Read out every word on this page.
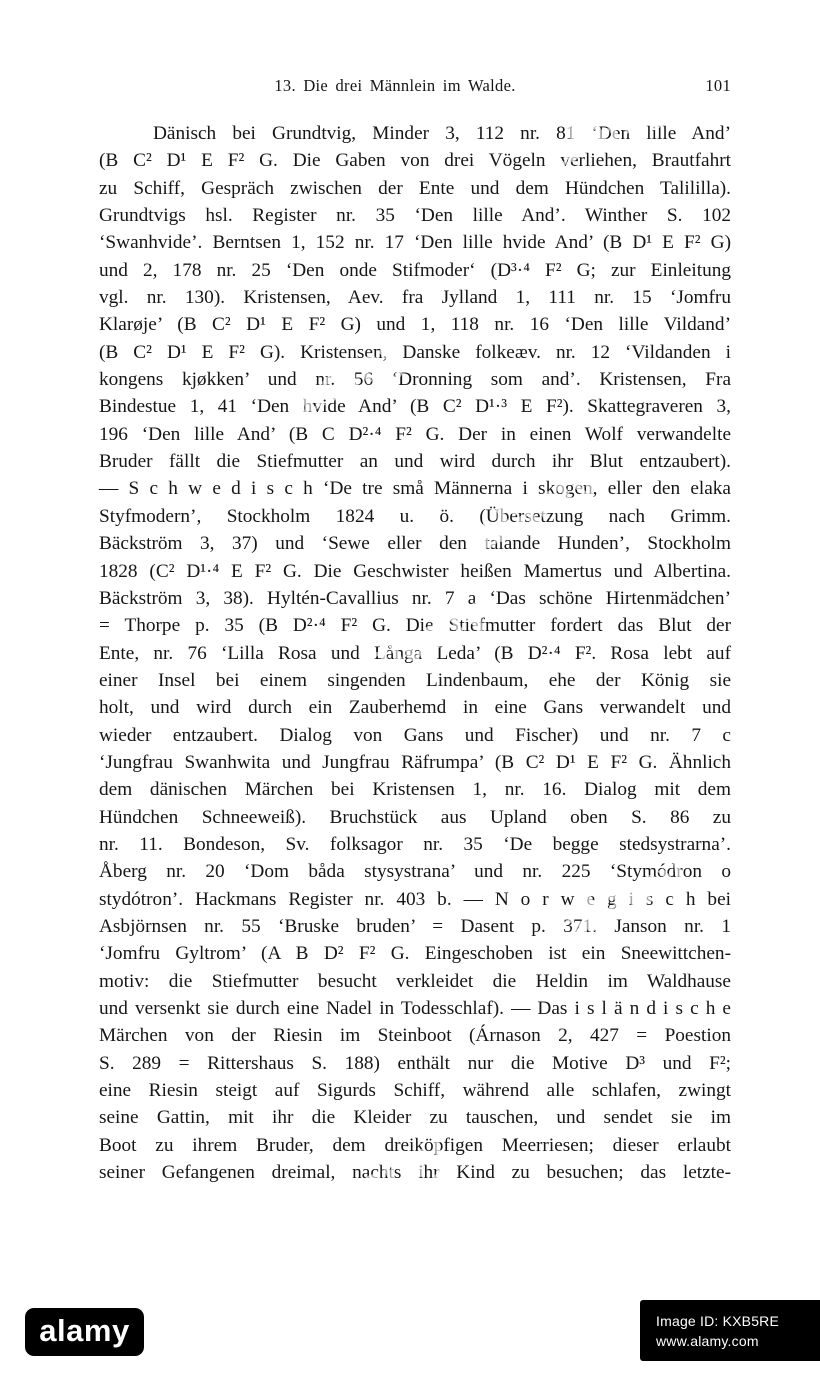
13. Die drei Männlein im Walde.	101
Dänisch bei Grundtvig, Minder 3, 112 nr. 81 ‘Den lille And’
(B C² D¹ E F² G. Die Gaben von drei Vögeln verliehen, Brautfahrt
zu Schiff, Gespräch zwischen der Ente und dem Hündchen Talililla).
Grundtvigs hsl. Register nr. 35 ‘Den lille And’. Winther S. 102
‘Swanhvide’. Berntsen 1, 152 nr. 17 ‘Den lille hvide And’ (B D¹ E F² G)
und 2, 178 nr. 25 ‘Den onde Stifmoder‘ (D³·⁴ F² G; zur Einleitung
vgl. nr. 130). Kristensen, Aev. fra Jylland 1, 111 nr. 15 ‘Jomfru
Klarøje’ (B C² D¹ E F² G) und 1, 118 nr. 16 ‘Den lille Vildand’
(B C² D¹ E F² G). Kristensen, Danske folkeæv. nr. 12 ‘Vildanden i
kongens kjøkken’ und nr. 56 ‘Dronning som and’. Kristensen, Fra
Bindestue 1, 41 ‘Den hvide And’ (B C² D¹·³ E F²). Skattegraveren 3,
196 ‘Den lille And’ (B C D²·⁴ F² G. Der in einen Wolf verwandelte
Bruder fällt die Stiefmutter an und wird durch ihr Blut entzaubert).
— S c h w e d i s c h ‘De tre små Männerna i skogen, eller den elaka
Styfmodern’, Stockholm 1824 u. ö. (Übersetzung nach Grimm.
Bäckström 3, 37) und ‘Sewe eller den talande Hunden’, Stockholm
1828 (C² D¹·⁴ E F² G. Die Geschwister heißen Mamertus und Albertina.
Bäckström 3, 38). Hyltén-Cavallius nr. 7 a ‘Das schöne Hirtenmädchen’
= Thorpe p. 35 (B D²·⁴ F² G. Die Stiefmutter fordert das Blut der
Ente, nr. 76 ‘Lilla Rosa und Långa Leda’ (B D²·⁴ F². Rosa lebt auf
einer Insel bei einem singenden Lindenbaum, ehe der König sie
holt, und wird durch ein Zauberhemd in eine Gans verwandelt und
wieder entzaubert. Dialog von Gans und Fischer) und nr. 7 c
‘Jungfrau Swanhwita und Jungfrau Räfrumpa’ (B C² D¹ E F² G. Ähnlich
dem dänischen Märchen bei Kristensen 1, nr. 16. Dialog mit dem
Hündchen Schneeweiß). Bruchstück aus Upland oben S. 86 zu
nr. 11. Bondeson, Sv. folksagor nr. 35 ‘De begge stedsystrarna’.
Åberg nr. 20 ‘Dom båda stysystrana’ und nr. 225 ‘Stymódron o
stydótron’. Hackmans Register nr. 403 b. — N o r w e g i s c h bei
Asbjörnsen nr. 55 ‘Bruske bruden’ = Dasent p. 371. Janson nr. 1
‘Jomfru Gyltrom’ (A B D² F² G. Eingeschoben ist ein Sneewittchen-
motiv: die Stiefmutter besucht verkleidet die Heldin im Waldhause
und versenkt sie durch eine Nadel in Todesschlaf). — Das i s l ä n d i s c h e
Märchen von der Riesin im Steinboot (Árnason 2, 427 = Poestion
S. 289 = Rittershaus S. 188) enthält nur die Motive D³ und F²;
eine Riesin steigt auf Sigurds Schiff, während alle schlafen, zwingt
seine Gattin, mit ihr die Kleider zu tauschen, und sendet sie im
Boot zu ihrem Bruder, dem dreiköpfigen Meerriesen; dieser erlaubt
seiner Gefangenen dreimal, nachts ihr Kind zu besuchen; das letzte-
alamy
alamy
alamy
alamy
alamy
alamy
alamy	Image ID: KXB5RE
www.alamy.com
